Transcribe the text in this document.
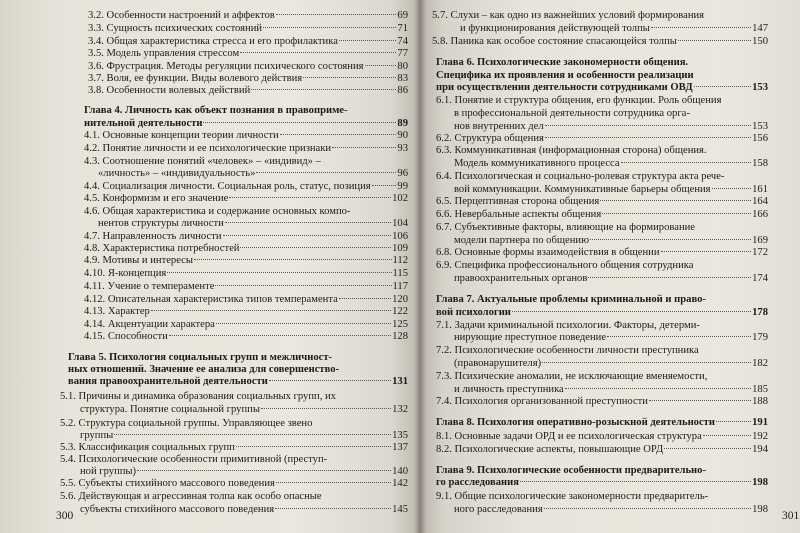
3.2. Особенности настроений и аффектов	69
3.3. Сущность психических состояний	71
3.4. Общая характеристика стресса и его профилактика	74
3.5. Модель управления стрессом	77
3.6. Фрустрация. Методы регуляции психического состояния	80
3.7. Воля, ее функции. Виды волевого действия	83
3.8. Особенности волевых действий	86
Глава 4. Личность как объект познания в правоприме-
нительной деятельности	89
4.1. Основные концепции теории личности	90
4.2. Понятие личности и ее психологические признаки	93
4.3. Соотношение понятий «человек» – «индивид» –
«личность» – «индивидуальность»	96
4.4. Социализация личности. Социальная роль, статус, позиция	99
4.5. Конформизм и его значение	102
4.6. Общая характеристика и содержание основных компо-
нентов структуры личности	104
4.7. Направленность личности	106
4.8. Характеристика потребностей	109
4.9. Мотивы и интересы	112
4.10. Я-концепция	115
4.11. Учение о темпераменте	117
4.12. Описательная характеристика типов темперамента	120
4.13. Характер	122
4.14. Акцентуации характера	125
4.15. Способности	128
Глава 5. Психология социальных групп и межличност-
ных отношений. Значение ее анализа для совершенство-
вания правоохранительной деятельности	131
5.1. Причины и динамика образования социальных групп, их
структура. Понятие социальной группы	132
5.2. Структура социальной группы. Управляющее звено
группы	135
5.3. Классификация социальных групп	137
5.4. Психологические особенности примитивной (преступ-
ной группы)	140
5.5. Субъекты стихийного массового поведения	142
5.6. Действующая и агрессивная толпа как особо опасные
субъекты стихийного массового поведения	145
300
5.7. Слухи – как одно из важнейших условий формирования
и функционирования действующей толпы	147
5.8. Паника как особое состояние спасающейся толпы	150
Глава 6. Психологические закономерности общения.
Специфика их проявления и особенности реализации
при осуществлении деятельности сотрудниками ОВД	153
6.1. Понятие и структура общения, его функции. Роль общения
в профессиональной деятельности сотрудника орга-
нов внутренних дел	153
6.2. Структура общения	156
6.3. Коммуникативная (информационная сторона) общения.
Модель коммуникативного процесса	158
6.4. Психологическая и социально-ролевая структура акта рече-
вой коммуникации. Коммуникативные барьеры общения	161
6.5. Перцептивная сторона общения	164
6.6. Невербальные аспекты общения	166
6.7. Субъективные факторы, влияющие на формирование
модели партнера по общению	169
6.8. Основные формы взаимодействия в общении	172
6.9. Специфика профессионального общения сотрудника
правоохранительных органов	174
Глава 7. Актуальные проблемы криминальной и право-
вой психологии	178
7.1. Задачи криминальной психологии. Факторы, детерми-
нирующие преступное поведение	179
7.2. Психологические особенности личности преступника
(правонарушителя)	182
7.3. Психические аномалии, не исключающие вменяемости,
и личность преступника	185
7.4. Психология организованной преступности	188
Глава 8. Психология оперативно-розыскной деятельности	191
8.1. Основные задачи ОРД и ее психологическая структура	192
8.2. Психологические аспекты, повышающие ОРД	194
Глава 9. Психологические особенности предварительно-
го расследования	198
9.1. Общие психологические закономерности предваритель-
ного расследования	198
301
